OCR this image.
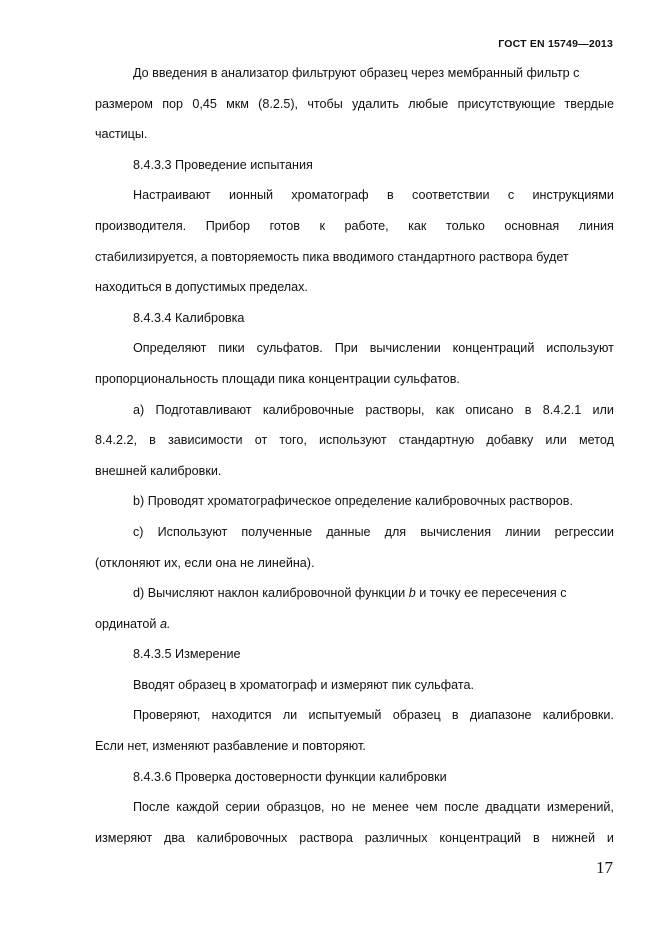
ГОСТ EN 15749—2013
До введения в анализатор фильтруют образец через мембранный фильтр с
размером пор 0,45 мкм (8.2.5), чтобы удалить любые присутствующие твердые
частицы.
8.4.3.3 Проведение испытания
Настраивают ионный хроматограф в соответствии с инструкциями
производителя. Прибор готов к работе, как только основная линия
стабилизируется, а повторяемость пика вводимого стандартного раствора будет
находиться в допустимых пределах.
8.4.3.4 Калибровка
Определяют пики сульфатов. При вычислении концентраций используют
пропорциональность площади пика концентрации сульфатов.
а) Подготавливают калибровочные растворы, как описано в 8.4.2.1 или
8.4.2.2, в зависимости от того, используют стандартную добавку или метод
внешней калибровки.
b) Проводят хроматографическое определение калибровочных растворов.
с) Используют полученные данные для вычисления линии регрессии
(отклоняют их, если она не линейна).
d) Вычисляют наклон калибровочной функции b и точку ее пересечения с
ординатой а.
8.4.3.5 Измерение
Вводят образец в хроматограф и измеряют пик сульфата.
Проверяют, находится ли испытуемый образец в диапазоне калибровки.
Если нет, изменяют разбавление и повторяют.
8.4.3.6 Проверка достоверности функции калибровки
После каждой серии образцов, но не менее чем после двадцати измерений,
измеряют два калибровочных раствора различных концентраций в нижней и
17
